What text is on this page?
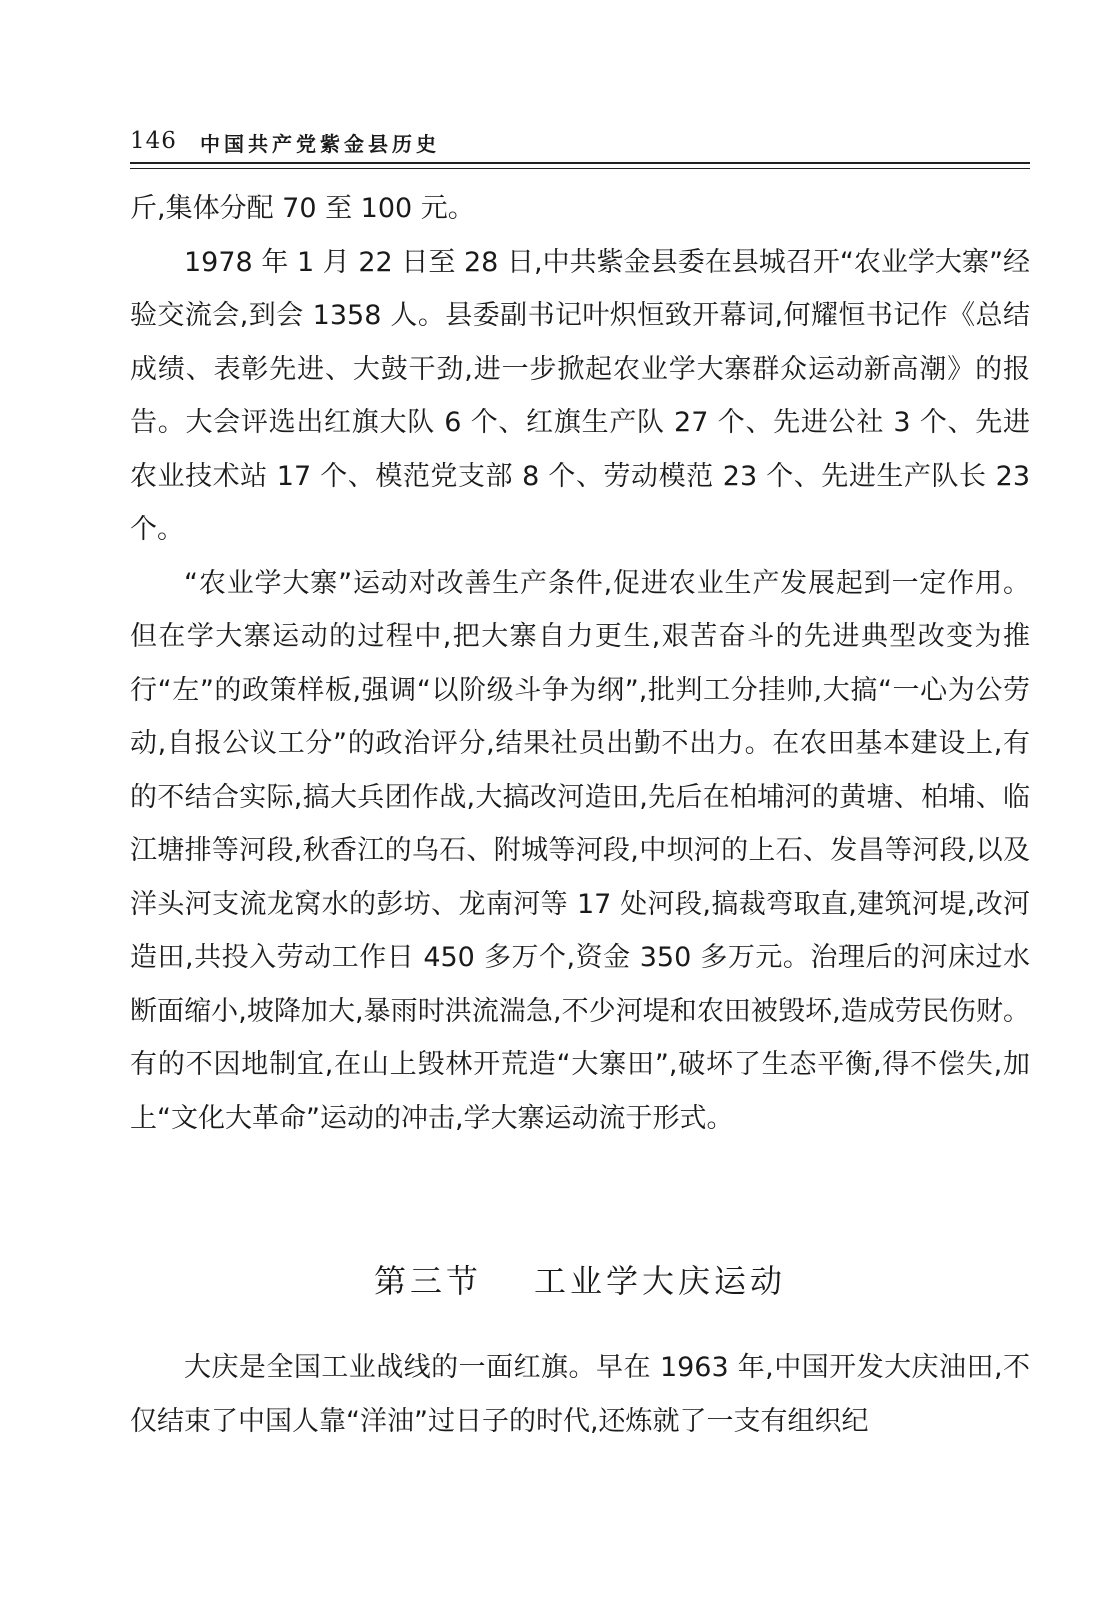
146 中国共产党紫金县历史

斤,集体分配 70 至 100 元。

1978 年 1 月 22 日至 28 日,中共紫金县委在县城召开“农业学大寨”经验交流会,到会 1358 人。县委副书记叶炽恒致开幕词,何耀恒书记作《总结成绩、表彰先进、大鼓干劲,进一步掀起农业学大寨群众运动新高潮》的报告。大会评选出红旗大队 6 个、红旗生产队 27 个、先进公社 3 个、先进农业技术站 17 个、模范党支部 8 个、劳动模范 23 个、先进生产队长 23 个。

“农业学大寨”运动对改善生产条件,促进农业生产发展起到一定作用。但在学大寨运动的过程中,把大寨自力更生,艰苦奋斗的先进典型改变为推行“左”的政策样板,强调“以阶级斗争为纲”,批判工分挂帅,大搞“一心为公劳动,自报公议工分”的政治评分,结果社员出勤不出力。在农田基本建设上,有的不结合实际,搞大兵团作战,大搞改河造田,先后在柏埔河的黄塘、柏埔、临江塘排等河段,秋香江的乌石、附城等河段,中坝河的上石、发昌等河段,以及洋头河支流龙窝水的彭坊、龙南河等 17 处河段,搞裁弯取直,建筑河堤,改河造田,共投入劳动工作日 450 多万个,资金 350 多万元。治理后的河床过水断面缩小,坡降加大,暴雨时洪流湍急,不少河堤和农田被毁坏,造成劳民伤财。有的不因地制宜,在山上毁林开荒造“大寨田”,破坏了生态平衡,得不偿失,加上“文化大革命”运动的冲击,学大寨运动流于形式。

第三节 工业学大庆运动

大庆是全国工业战线的一面红旗。早在 1963 年,中国开发大庆油田,不仅结束了中国人靠“洋油”过日子的时代,还炼就了一支有组织纪
